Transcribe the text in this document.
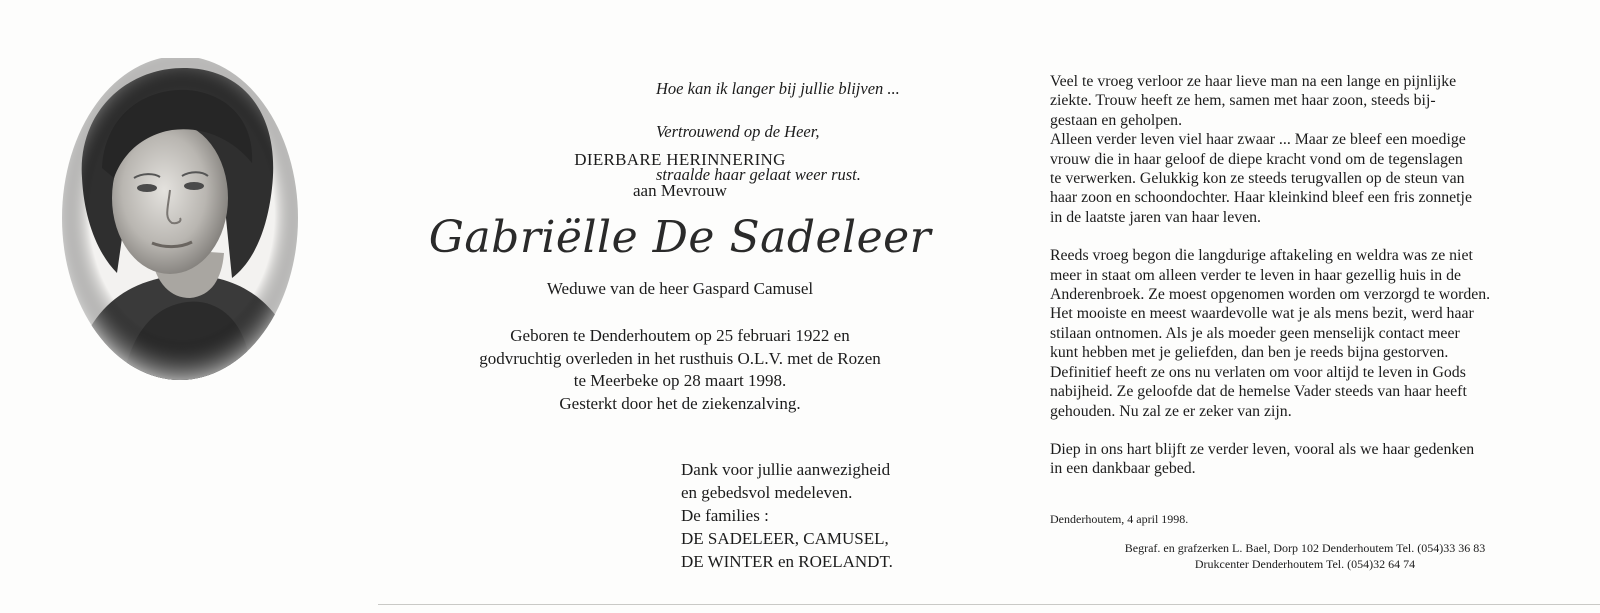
Hoe kan ik langer bij jullie blijven ...

Vertrouwend op de Heer,

straalde haar gelaat weer rust.

DIERBARE HERINNERING
aan Mevrouw
Gabriëlle De Sadeleer
Weduwe van de heer Gaspard Camusel
Geboren te Denderhoutem op 25 februari 1922 en
godvruchtig overleden in het rusthuis O.L.V. met de Rozen
te Meerbeke op 28 maart 1998.
Gesterkt door het de ziekenzalving.
Dank voor jullie aanwezigheid
en gebedsvol medeleven.
De families :
DE SADELEER, CAMUSEL,
DE WINTER en ROELANDT.

Veel te vroeg verloor ze haar lieve man na een lange en pijnlijke
ziekte. Trouw heeft ze hem, samen met haar zoon, steeds bij-
gestaan en geholpen.
Alleen verder leven viel haar zwaar ... Maar ze bleef een moedige
vrouw die in haar geloof de diepe kracht vond om de tegenslagen
te verwerken. Gelukkig kon ze steeds terugvallen op de steun van
haar zoon en schoondochter. Haar kleinkind bleef een fris zonnetje
in de laatste jaren van haar leven.

Reeds vroeg begon die langdurige aftakeling en weldra was ze niet
meer in staat om alleen verder te leven in haar gezellig huis in de
Anderenbroek. Ze moest opgenomen worden om verzorgd te worden.
Het mooiste en meest waardevolle wat je als mens bezit, werd haar
stilaan ontnomen. Als je als moeder geen menselijk contact meer
kunt hebben met je geliefden, dan ben je reeds bijna gestorven.
Definitief heeft ze ons nu verlaten om voor altijd te leven in Gods
nabijheid. Ze geloofde dat de hemelse Vader steeds van haar heeft
gehouden. Nu zal ze er zeker van zijn.

Diep in ons hart blijft ze verder leven, vooral als we haar gedenken
in een dankbaar gebed.

Denderhoutem, 4 april 1998.
Begraf. en grafzerken L. Bael, Dorp 102 Denderhoutem Tel. (054)33 36 83
Drukcenter Denderhoutem Tel. (054)32 64 74
